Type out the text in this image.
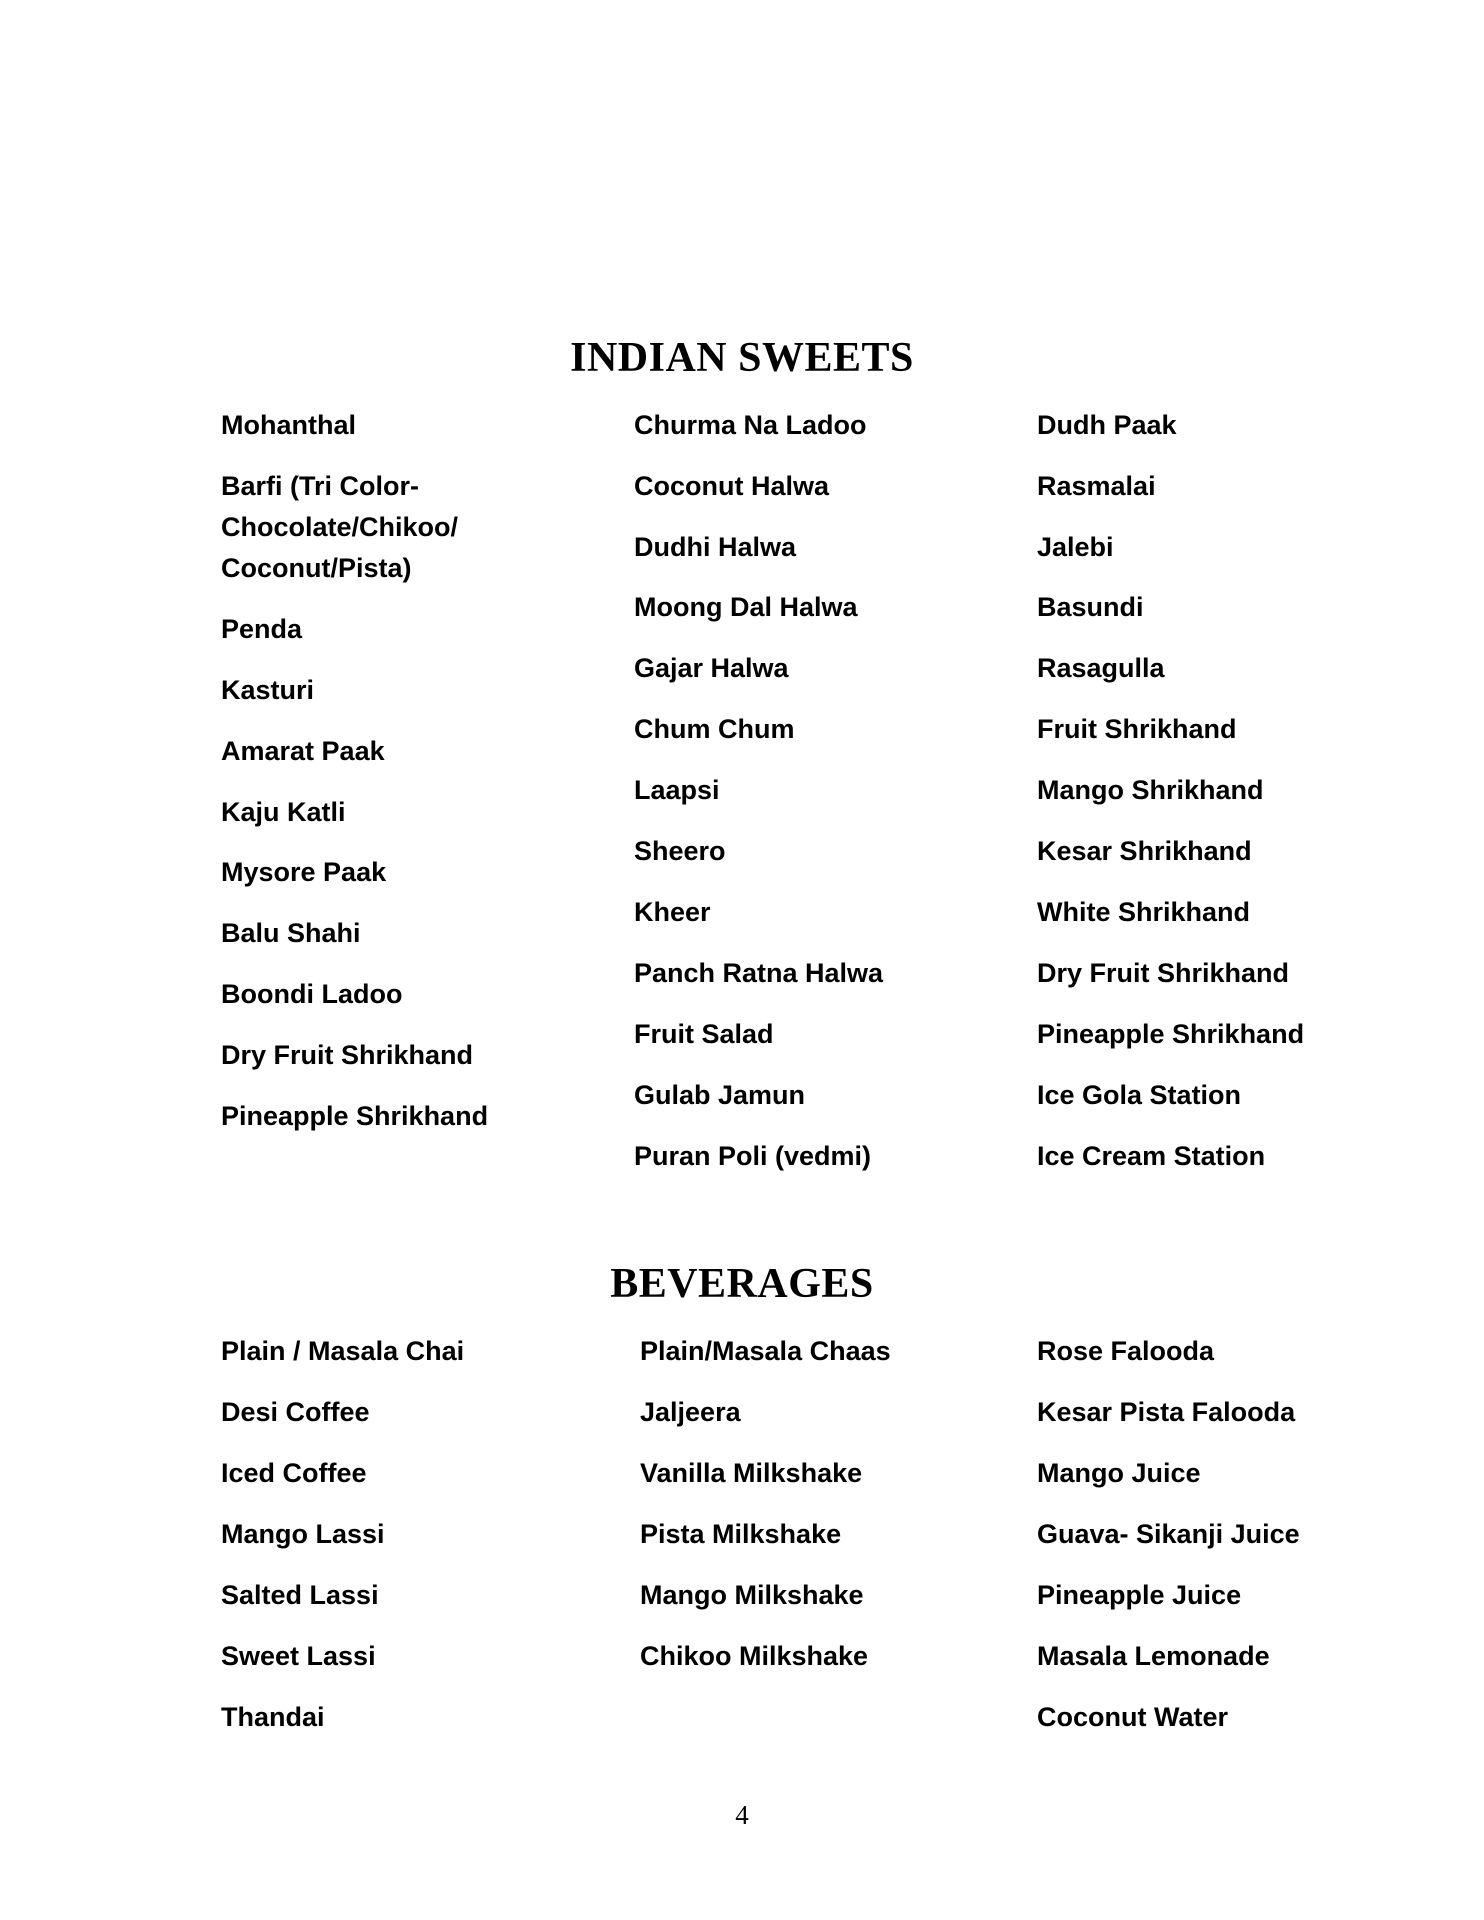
INDIAN SWEETS
Mohanthal
Barfi (Tri Color-
Chocolate/Chikoo/
Coconut/Pista)
Penda
Kasturi
Amarat Paak
Kaju Katli
Mysore Paak
Balu Shahi
Boondi Ladoo
Dry Fruit Shrikhand
Pineapple Shrikhand
Churma Na Ladoo
Coconut Halwa
Dudhi Halwa
Moong Dal Halwa
Gajar Halwa
Chum Chum
Laapsi
Sheero
Kheer
Panch Ratna Halwa
Fruit Salad
Gulab Jamun
Puran Poli (vedmi)
Dudh Paak
Rasmalai
Jalebi
Basundi
Rasagulla
Fruit Shrikhand
Mango Shrikhand
Kesar Shrikhand
White Shrikhand
Dry Fruit Shrikhand
Pineapple Shrikhand
Ice Gola Station
Ice Cream Station
BEVERAGES
Plain / Masala Chai
Desi Coffee
Iced Coffee
Mango Lassi
Salted Lassi
Sweet Lassi
Thandai
Plain/Masala Chaas
Jaljeera
Vanilla Milkshake
Pista Milkshake
Mango Milkshake
Chikoo Milkshake
Rose Falooda
Kesar Pista Falooda
Mango Juice
Guava- Sikanji Juice
Pineapple Juice
Masala Lemonade
Coconut Water
4
